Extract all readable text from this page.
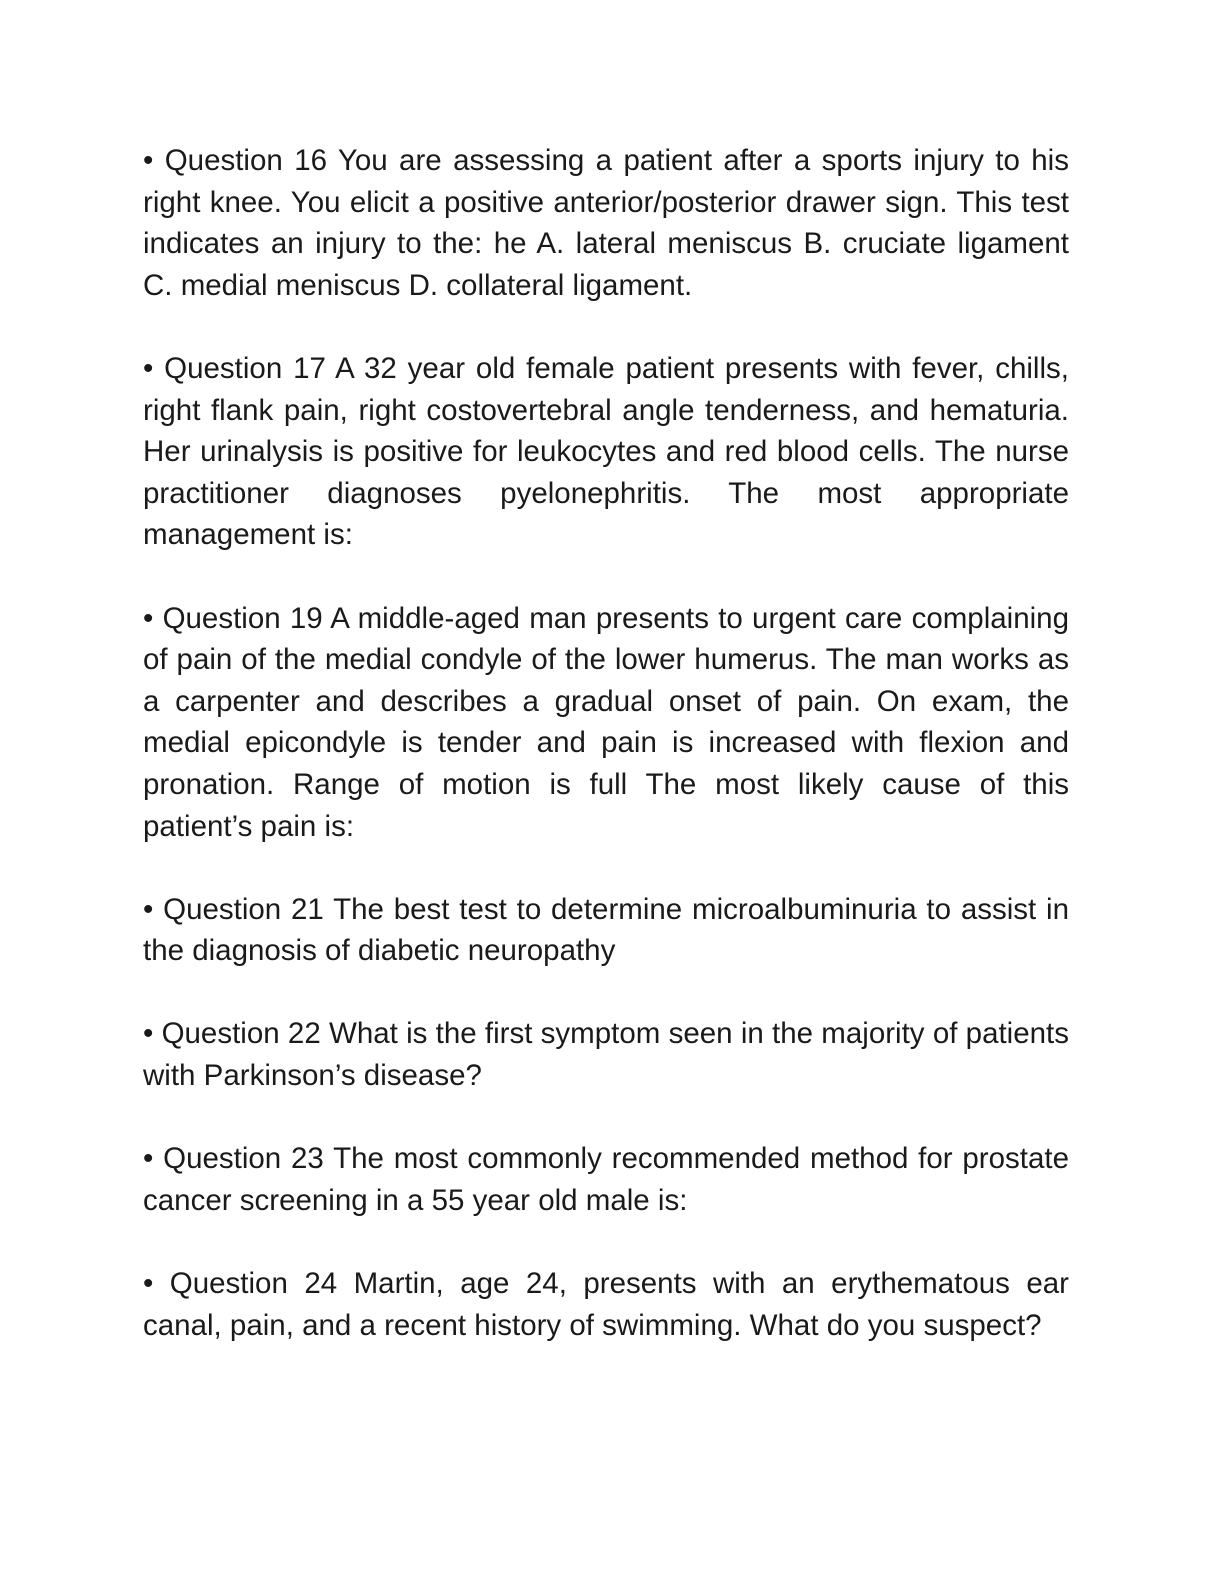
• Question 16 You are assessing a patient after a sports injury to his right knee. You elicit a positive anterior/posterior drawer sign. This test indicates an injury to the: he A. lateral meniscus B. cruciate ligament C. medial meniscus D. collateral ligament.

• Question 17 A 32 year old female patient presents with fever, chills, right flank pain, right costovertebral angle tenderness, and hematuria. Her urinalysis is positive for leukocytes and red blood cells. The nurse practitioner diagnoses pyelonephritis. The most appropriate management is:

• Question 19 A middle-aged man presents to urgent care complaining of pain of the medial condyle of the lower humerus. The man works as a carpenter and describes a gradual onset of pain. On exam, the medial epicondyle is tender and pain is increased with flexion and pronation. Range of motion is full The most likely cause of this patient’s pain is:

• Question 21 The best test to determine microalbuminuria to assist in the diagnosis of diabetic neuropathy

• Question 22 What is the first symptom seen in the majority of patients with Parkinson’s disease?

• Question 23 The most commonly recommended method for prostate cancer screening in a 55 year old male is:

• Question 24 Martin, age 24, presents with an erythematous ear canal, pain, and a recent history of swimming. What do you suspect?
